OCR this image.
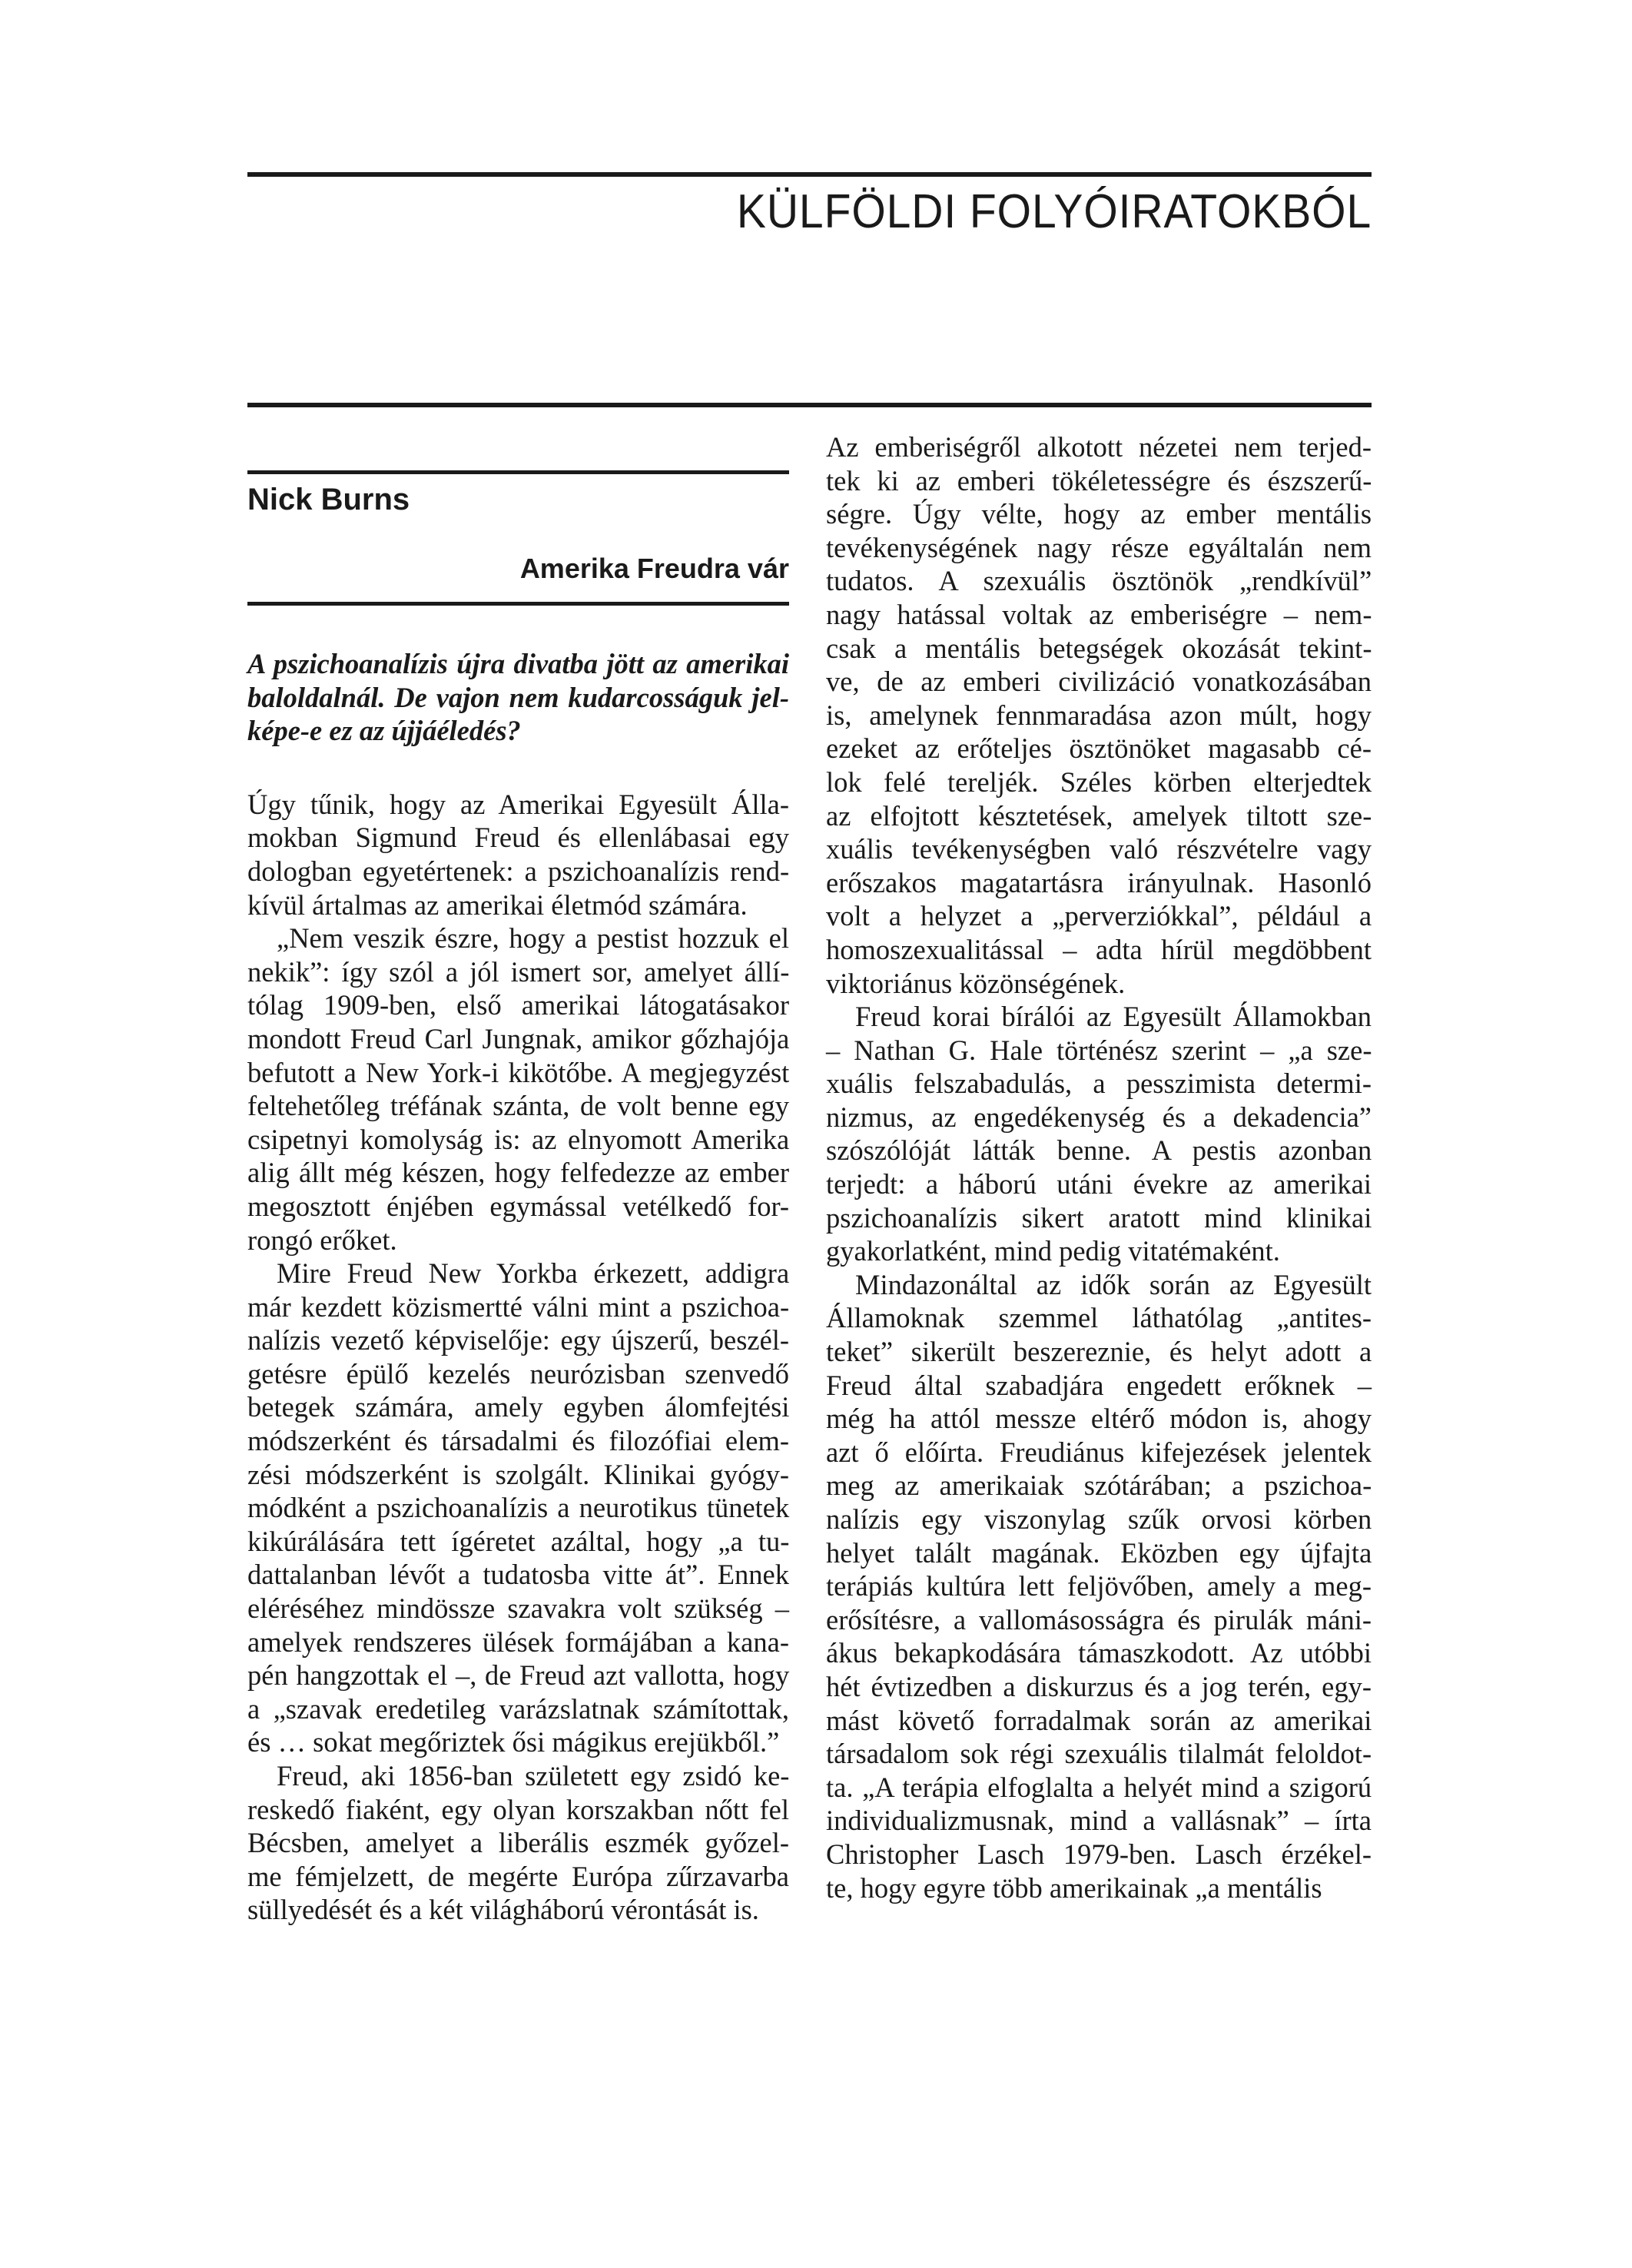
KÜLFÖLDI FOLYÓIRATOKBÓL
Nick Burns
Amerika Freudra vár
A pszichoanalízis újra divatba jött az amerikai
baloldalnál. De vajon nem kudarcosságuk jel-
képe-e ez az újjáéledés?

Úgy tűnik, hogy az Amerikai Egyesült Álla-
mokban Sigmund Freud és ellenlábasai egy
dologban egyetértenek: a pszichoanalízis rend-
kívül ártalmas az amerikai életmód számára.

„Nem veszik észre, hogy a pestist hozzuk el
nekik”: így szól a jól ismert sor, amelyet állí-
tólag 1909-ben, első amerikai látogatásakor
mondott Freud Carl Jungnak, amikor gőzhajója
befutott a New York-i kikötőbe. A megjegyzést
feltehetőleg tréfának szánta, de volt benne egy
csipetnyi komolyság is: az elnyomott Amerika
alig állt még készen, hogy felfedezze az ember
megosztott énjében egymással vetélkedő for-
rongó erőket.

Mire Freud New Yorkba érkezett, addigra
már kezdett közismertté válni mint a pszichoa-
nalízis vezető képviselője: egy újszerű, beszél-
getésre épülő kezelés neurózisban szenvedő
betegek számára, amely egyben álomfejtési
módszerként és társadalmi és filozófiai elem-
zési módszerként is szolgált. Klinikai gyógy-
módként a pszichoanalízis a neurotikus tünetek
kikúrálására tett ígéretet azáltal, hogy „a tu-
dattalanban lévőt a tudatosba vitte át”. Ennek
eléréséhez mindössze szavakra volt szükség –
amelyek rendszeres ülések formájában a kana-
pén hangzottak el –, de Freud azt vallotta, hogy
a „szavak eredetileg varázslatnak számítottak,
és … sokat megőriztek ősi mágikus erejükből.”

Freud, aki 1856-ban született egy zsidó ke-
reskedő fiaként, egy olyan korszakban nőtt fel
Bécsben, amelyet a liberális eszmék győzel-
me fémjelzett, de megérte Európa zűrzavarba
süllyedését és a két világháború vérontását is.

Az emberiségről alkotott nézetei nem terjed-
tek ki az emberi tökéletességre és észszerű-
ségre. Úgy vélte, hogy az ember mentális
tevékenységének nagy része egyáltalán nem
tudatos. A szexuális ösztönök „rendkívül”
nagy hatással voltak az emberiségre – nem-
csak a mentális betegségek okozását tekint-
ve, de az emberi civilizáció vonatkozásában
is, amelynek fennmaradása azon múlt, hogy
ezeket az erőteljes ösztönöket magasabb cé-
lok felé tereljék. Széles körben elterjedtek
az elfojtott késztetések, amelyek tiltott sze-
xuális tevékenységben való részvételre vagy
erőszakos magatartásra irányulnak. Hasonló
volt a helyzet a „perverziókkal”, például a
homoszexualitással – adta hírül megdöbbent
viktoriánus közönségének.

Freud korai bírálói az Egyesült Államokban
– Nathan G. Hale történész szerint – „a sze-
xuális felszabadulás, a pesszimista determi-
nizmus, az engedékenység és a dekadencia”
szószólóját látták benne. A pestis azonban
terjedt: a háború utáni évekre az amerikai
pszichoanalízis sikert aratott mind klinikai
gyakorlatként, mind pedig vitatémaként.

Mindazonáltal az idők során az Egyesült
Államoknak szemmel láthatólag „antites-
teket” sikerült beszereznie, és helyt adott a
Freud által szabadjára engedett erőknek –
még ha attól messze eltérő módon is, ahogy
azt ő előírta. Freudiánus kifejezések jelentek
meg az amerikaiak szótárában; a pszichoa-
nalízis egy viszonylag szűk orvosi körben
helyet talált magának. Eközben egy újfajta
terápiás kultúra lett feljövőben, amely a meg-
erősítésre, a vallomásosságra és pirulák máni-
ákus bekapkodására támaszkodott. Az utóbbi
hét évtizedben a diskurzus és a jog terén, egy-
mást követő forradalmak során az amerikai
társadalom sok régi szexuális tilalmát feloldot-
ta. „A terápia elfoglalta a helyét mind a szigorú
individualizmusnak, mind a vallásnak” – írta
Christopher Lasch 1979-ben. Lasch érzékel-
te, hogy egyre több amerikainak „a mentális
